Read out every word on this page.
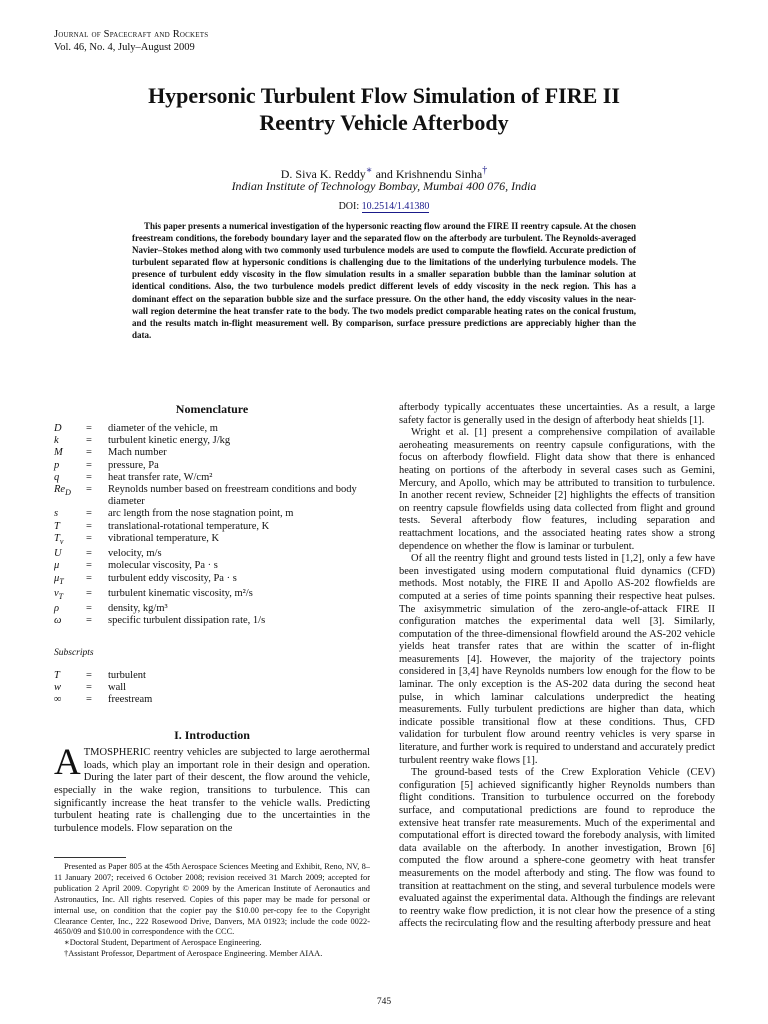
Journal of Spacecraft and Rockets
Vol. 46, No. 4, July–August 2009
Hypersonic Turbulent Flow Simulation of FIRE II
Reentry Vehicle Afterbody
D. Siva K. Reddy∗ and Krishnendu Sinha†
Indian Institute of Technology Bombay, Mumbai 400 076, India
DOI: 10.2514/1.41380
This paper presents a numerical investigation of the hypersonic reacting flow around the FIRE II reentry capsule. At the chosen freestream conditions, the forebody boundary layer and the separated flow on the afterbody are turbulent. The Reynolds-averaged Navier–Stokes method along with two commonly used turbulence models are used to compute the flowfield. Accurate prediction of turbulent separated flow at hypersonic conditions is challenging due to the limitations of the underlying turbulence models. The presence of turbulent eddy viscosity in the flow simulation results in a smaller separation bubble than the laminar solution at identical conditions. Also, the two turbulence models predict different levels of eddy viscosity in the neck region. This has a dominant effect on the separation bubble size and the surface pressure. On the other hand, the eddy viscosity values in the near-wall region determine the heat transfer rate to the body. The two models predict comparable heating rates on the conical frustum, and the results match in-flight measurement well. By comparison, surface pressure predictions are appreciably higher than the data.
Nomenclature
D	=	diameter of the vehicle, m
k	=	turbulent kinetic energy, J/kg
M	=	Mach number
p	=	pressure, Pa
q	=	heat transfer rate, W/cm²
$Re_D$	=	Reynolds number based on freestream conditions and body diameter
s	=	arc length from the nose stagnation point, m
T	=	translational-rotational temperature, K
$T_v$	=	vibrational temperature, K
U	=	velocity, m/s
μ	=	molecular viscosity, Pa · s
$\mu_T$	=	turbulent eddy viscosity, Pa · s
$\nu_T$	=	turbulent kinematic viscosity, m²/s
ρ	=	density, kg/m³
ω	=	specific turbulent dissipation rate, 1/s
Subscripts
T	=	turbulent
w	=	wall
∞	=	freestream
I. Introduction
ATMOSPHERIC reentry vehicles are subjected to large aerothermal loads, which play an important role in their design and operation. During the later part of their descent, the flow around the vehicle, especially in the wake region, transitions to turbulence. This can significantly increase the heat transfer to the vehicle walls. Predicting turbulent heating rate is challenging due to the uncertainties in the turbulence models. Flow separation on the
afterbody typically accentuates these uncertainties. As a result, a large safety factor is generally used in the design of afterbody heat shields [1].
Wright et al. [1] present a comprehensive compilation of available aeroheating measurements on reentry capsule configurations, with the focus on afterbody flowfield. Flight data show that there is enhanced heating on portions of the afterbody in several cases such as Gemini, Mercury, and Apollo, which may be attributed to transition to turbulence. In another recent review, Schneider [2] highlights the effects of transition on reentry capsule flowfields using data collected from flight and ground tests. Several afterbody flow features, including separation and reattachment locations, and the associated heating rates show a strong dependence on whether the flow is laminar or turbulent.
Of all the reentry flight and ground tests listed in [1,2], only a few have been investigated using modern computational fluid dynamics (CFD) methods. Most notably, the FIRE II and Apollo AS-202 flowfields are computed at a series of time points spanning their respective heat pulses. The axisymmetric simulation of the zero-angle-of-attack FIRE II configuration matches the experimental data well [3]. Similarly, computation of the three-dimensional flowfield around the AS-202 vehicle yields heat transfer rates that are within the scatter of in-flight measurements [4]. However, the majority of the trajectory points considered in [3,4] have Reynolds numbers low enough for the flow to be laminar. The only exception is the AS-202 data during the second heat pulse, in which laminar calculations underpredict the heating measurements. Fully turbulent predictions are higher than data, which indicate possible transitional flow at these conditions. Thus, CFD validation for turbulent flow around reentry vehicles is very sparse in literature, and further work is required to understand and accurately predict turbulent reentry wake flows [1].
The ground-based tests of the Crew Exploration Vehicle (CEV) configuration [5] achieved significantly higher Reynolds numbers than flight conditions. Transition to turbulence occurred on the forebody surface, and computational predictions are found to reproduce the extensive heat transfer rate measurements. Much of the experimental and computational effort is directed toward the forebody analysis, with limited data available on the afterbody. In another investigation, Brown [6] computed the flow around a sphere-cone geometry with heat transfer measurements on the model afterbody and sting. The flow was found to transition at reattachment on the sting, and several turbulence models were evaluated against the experimental data. Although the findings are relevant to reentry wake flow prediction, it is not clear how the presence of a sting affects the recirculating flow and the resulting afterbody pressure and heat
Presented as Paper 805 at the 45th Aerospace Sciences Meeting and Exhibit, Reno, NV, 8–11 January 2007; received 6 October 2008; revision received 31 March 2009; accepted for publication 2 April 2009. Copyright © 2009 by the American Institute of Aeronautics and Astronautics, Inc. All rights reserved. Copies of this paper may be made for personal or internal use, on condition that the copier pay the $10.00 per-copy fee to the Copyright Clearance Center, Inc., 222 Rosewood Drive, Danvers, MA 01923; include the code 0022-4650/09 and $10.00 in correspondence with the CCC.
∗Doctoral Student, Department of Aerospace Engineering.
†Assistant Professor, Department of Aerospace Engineering. Member AIAA.
745
